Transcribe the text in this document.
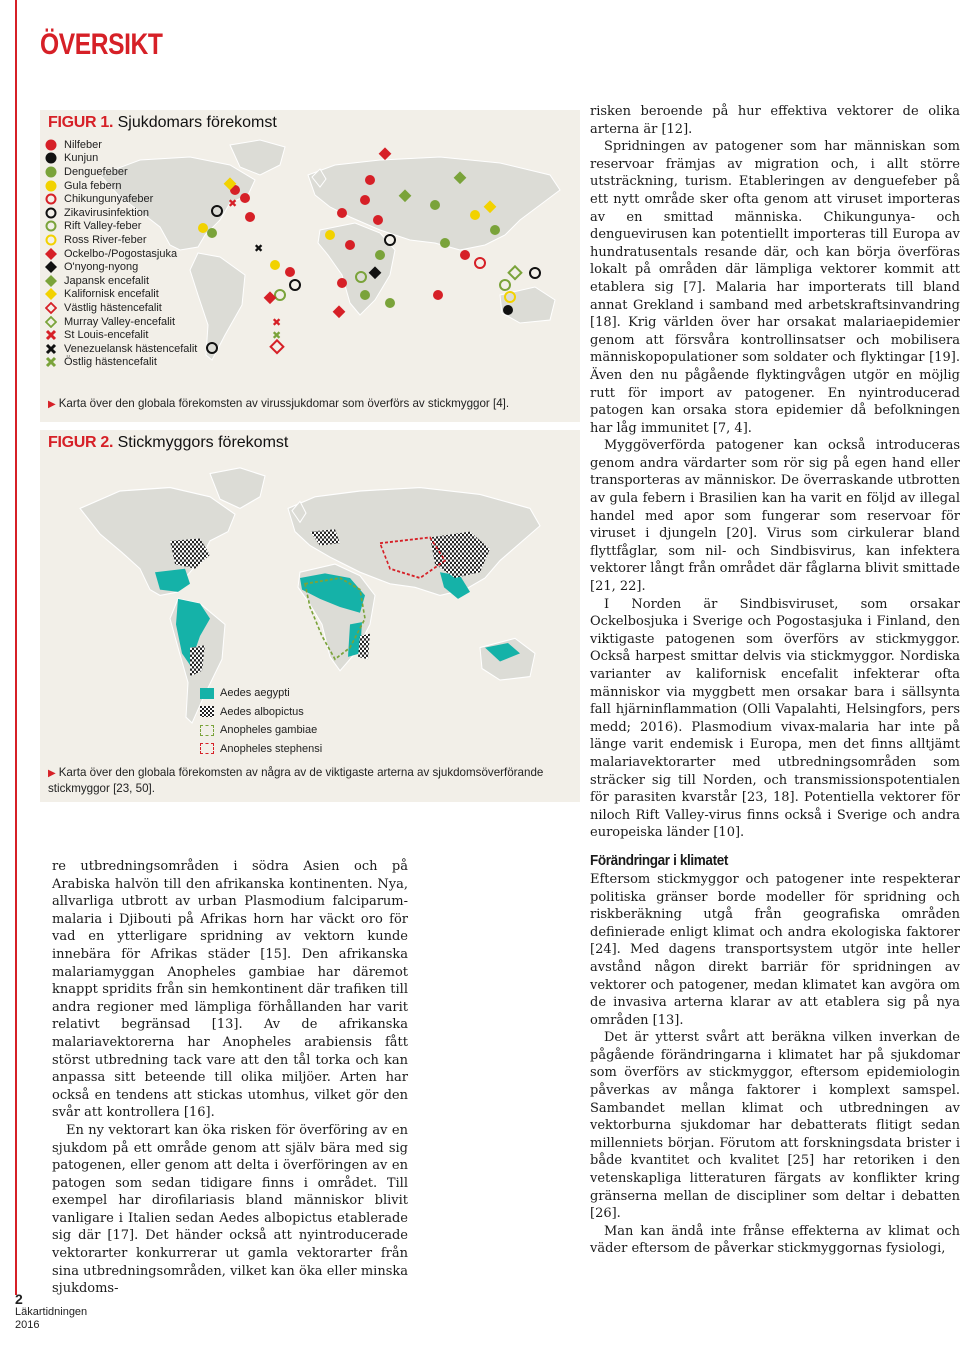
ÖVERSIKT
FIGUR 1. Sjukdomars förekomst
✖
✖
✖
✖
Nilfeber
Kunjun
Denguefeber
Gula febern
Chikungunyafeber
Zikavirusinfektion
Rift Valley-feber
Ross River-feber
Ockelbo-/Pogostasjuka
O'nyong-nyong
Japansk encefalit
Kalifornisk encefalit
Västlig hästencefalit
Murray Valley-encefalit
St Louis-encefalit
Venezuelansk hästencefalit
Östlig hästencefalit
▶ Karta över den globala förekomsten av virussjukdomar som överförs av stickmyggor [4].
FIGUR 2. Stickmyggors förekomst
Aedes aegypti
Aedes albopictus
Anopheles gambiae
Anopheles stephensi
▶ Karta över den globala förekomsten av några av de viktigaste arterna av sjukdomsöverförande stickmyggor [23, 50].

re utbredningsområden i södra Asien och på Arabiska halvön till den afrikanska kontinenten. Nya, allvarliga utbrott av urban Plasmodium falciparum-malaria i Djibouti på Afrikas horn har väckt oro för vad en ytterligare spridning av vektorn kunde innebära för Afrikas städer [15]. Den afrikanska malariamyggan Anopheles gambiae har däremot knappt spridits från sin hemkontinent där trafiken till andra regioner med lämpliga förhållanden har varit relativt begränsad [13]. Av de afrikanska malariavektorerna har Anopheles arabiensis fått störst utbredning tack vare att den tål torka och kan anpassa sitt beteende till olika miljöer. Arten har också en tendens att stickas utomhus, vilket gör den svår att kontrollera [16].

En ny vektorart kan öka risken för överföring av en sjukdom på ett område genom att själv bära med sig patogenen, eller genom att delta i överföringen av en patogen som sedan tidigare finns i området. Till exempel har dirofilariasis bland människor blivit vanligare i Italien sedan Aedes albopictus etablerade sig där [17]. Det händer också att nyintroducerade vektorarter konkurrerar ut gamla vektorarter från sina utbredningsområden, vilket kan öka eller minska sjukdoms-

risken beroende på hur effektiva vektorer de olika arterna är [12].

Spridningen av patogener som har människan som reservoar främjas av migration och, i allt större utsträckning, turism. Etableringen av denguefeber på ett nytt område sker ofta genom att viruset importeras av en smittad människa. Chikungunya- och denguevirusen kan potentiellt importeras till Europa av hundratusentals resande där, och kan börja överföras lokalt på områden där lämpliga vektorer kommit att etablera sig [7]. Malaria har importerats till bland annat Grekland i samband med arbetskraftsinvandring [18]. Krig världen över har orsakat malariaepidemier genom att försvåra kontrollinsatser och mobilisera människopopulationer som soldater och flyktingar [19]. Även den nu pågående flyktingvågen utgör en möjlig rutt för import av patogener. En nyintroducerad patogen kan orsaka stora epidemier då befolkningen har låg immunitet [7, 4].

Myggöverförda patogener kan också introduceras genom andra värdarter som rör sig på egen hand eller transporteras av människor. De överraskande utbrotten av gula febern i Brasilien kan ha varit en följd av illegal handel med apor som fungerar som reservoar för viruset i djungeln [20]. Virus som cirkulerar bland flyttfåglar, som nil- och Sindbisvirus, kan infektera vektorer långt från området där fåglarna blivit smittade [21, 22].

I Norden är Sindbisviruset, som orsakar Ockelbosjuka i Sverige och Pogostasjuka i Finland, den viktigaste patogenen som överförs av stickmyggor. Också harpest smittar delvis via stickmyggor. Nordiska varianter av kalifornisk encefalit infekterar ofta människor via myggbett men orsakar bara i sällsynta fall hjärninflammation (Olli Vapalahti, Helsingfors, pers medd; 2016). Plasmodium vivax-malaria har inte på länge varit endemisk i Europa, men det finns alltjämt malariavektorarter med utbredningsområden som sträcker sig till Norden, och transmissionspotentialen för parasiten kvarstår [23, 18]. Potentiella vektorer för niloch Rift Valley-virus finns också i Sverige och andra europeiska länder [10].

Förändringar i klimatet

Eftersom stickmyggor och patogener inte respekterar politiska gränser borde modeller för spridning och riskberäkning utgå från geografiska områden definierade enligt klimat och andra ekologiska faktorer [24]. Med dagens transportsystem utgör inte heller avstånd någon direkt barriär för spridningen av vektorer och patogener, medan klimatet kan avgöra om de invasiva arterna klarar av att etablera sig på nya områden [13].

Det är ytterst svårt att beräkna vilken inverkan de pågående förändringarna i klimatet har på sjukdomar som överförs av stickmyggor, eftersom epidemiologin påverkas av många faktorer i komplext samspel. Sambandet mellan klimat och utbredningen av vektorburna sjukdomar har debatterats flitigt sedan millenniets början. Förutom att forskningsdata brister i både kvantitet och kvalitet [25] har retoriken i den vetenskapliga litteraturen färgats av konflikter kring gränserna mellan de discipliner som deltar i debatten [26].

Man kan ändå inte frånse effekterna av klimat och väder eftersom de påverkar stickmyggornas fysiologi,

2
Läkartidningen
2016
